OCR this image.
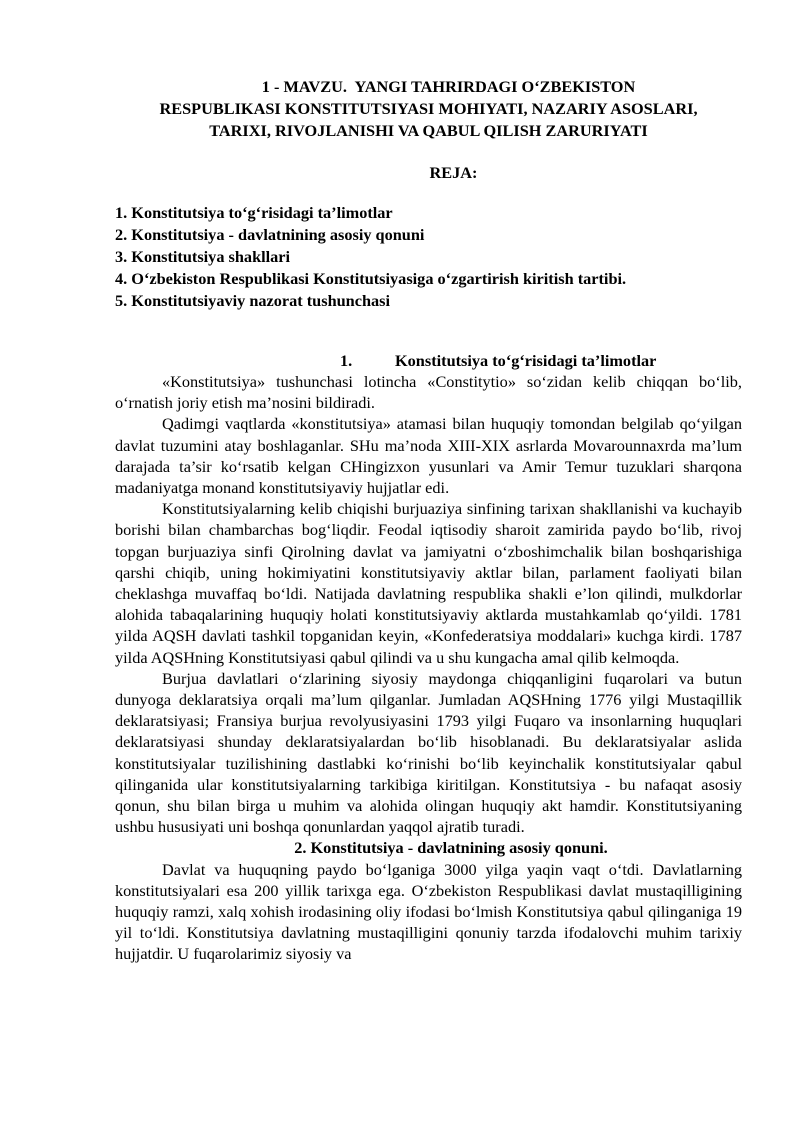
1 - MAVZU.  YANGI TAHRIRDAGI O‘ZBEKISTON
RESPUBLIKASI KONSTITUTSIYASI MOHIYATI, NAZARIY ASOSLARI,
TARIXI, RIVOJLANISHI VA QABUL QILISH ZARURIYATI
REJA:
1. Konstitutsiya to‘g‘risidagi ta’limotlar
2. Konstitutsiya - davlatnining asosiy qonuni
3. Konstitutsiya shakllari
4. O‘zbekiston Respublikasi Konstitutsiyasiga o‘zgartirish kiritish tartibi.
5. Konstitutsiyaviy nazorat tushunchasi
1.	Konstitutsiya to‘g‘risidagi ta’limotlar

«Konstitutsiya» tushunchasi lotincha «Constitytio» so‘zidan kelib chiqqan bo‘lib, o‘rnatish joriy etish ma’nosini bildiradi.

Qadimgi vaqtlarda «konstitutsiya» atamasi bilan huquqiy tomondan belgilab qo‘yilgan davlat tuzumini atay boshlaganlar. SHu ma’noda XIII-XIX asrlarda Movarounnaxrda ma’lum darajada ta’sir ko‘rsatib kelgan CHingizxon yusunlari va Amir Temur tuzuklari sharqona madaniyatga monand konstitutsiyaviy hujjatlar edi.

Konstitutsiyalarning kelib chiqishi burjuaziya sinfining tarixan shakllanishi va kuchayib borishi bilan chambarchas bog‘liqdir. Feodal iqtisodiy sharoit zamirida paydo bo‘lib, rivoj topgan burjuaziya sinfi Qirolning davlat va jamiyatni o‘zboshimchalik bilan boshqarishiga qarshi chiqib, uning hokimiyatini konstitutsiyaviy aktlar bilan, parlament faoliyati bilan cheklashga muvaffaq bo‘ldi. Natijada davlatning respublika shakli e’lon qilindi, mulkdorlar alohida tabaqalarining huquqiy holati konstitutsiyaviy aktlarda mustahkamlab qo‘yildi. 1781 yilda AQSH davlati tashkil topganidan keyin, «Konfederatsiya moddalari» kuchga kirdi. 1787 yilda AQSHning Konstitutsiyasi qabul qilindi va u shu kungacha amal qilib kelmoqda.

Burjua davlatlari o‘zlarining siyosiy maydonga chiqqanligini fuqarolari va butun dunyoga deklaratsiya orqali ma’lum qilganlar. Jumladan AQSHning 1776 yilgi Mustaqillik deklaratsiyasi; Fransiya burjua revolyusiyasini 1793 yilgi Fuqaro va insonlarning huquqlari deklaratsiyasi shunday deklaratsiyalardan bo‘lib hisoblanadi. Bu deklaratsiyalar aslida konstitutsiyalar tuzilishining dastlabki ko‘rinishi bo‘lib keyinchalik konstitutsiyalar qabul qilinganida ular konstitutsiyalarning tarkibiga kiritilgan. Konstitutsiya - bu nafaqat asosiy qonun, shu bilan birga u muhim va alohida olingan huquqiy akt hamdir. Konstitutsiyaning ushbu hususiyati uni boshqa qonunlardan yaqqol ajratib turadi.

2. Konstitutsiya - davlatnining asosiy qonuni.

Davlat va huquqning paydo bo‘lganiga 3000 yilga yaqin vaqt o‘tdi. Davlatlarning konstitutsiyalari esa 200 yillik tarixga ega. O‘zbekiston Respublikasi davlat mustaqilligining huquqiy ramzi, xalq xohish irodasining oliy ifodasi bo‘lmish Konstitutsiya qabul qilinganiga 19 yil to‘ldi. Konstitutsiya davlatning mustaqilligini qonuniy tarzda ifodalovchi muhim tarixiy hujjatdir. U fuqarolarimiz siyosiy va
